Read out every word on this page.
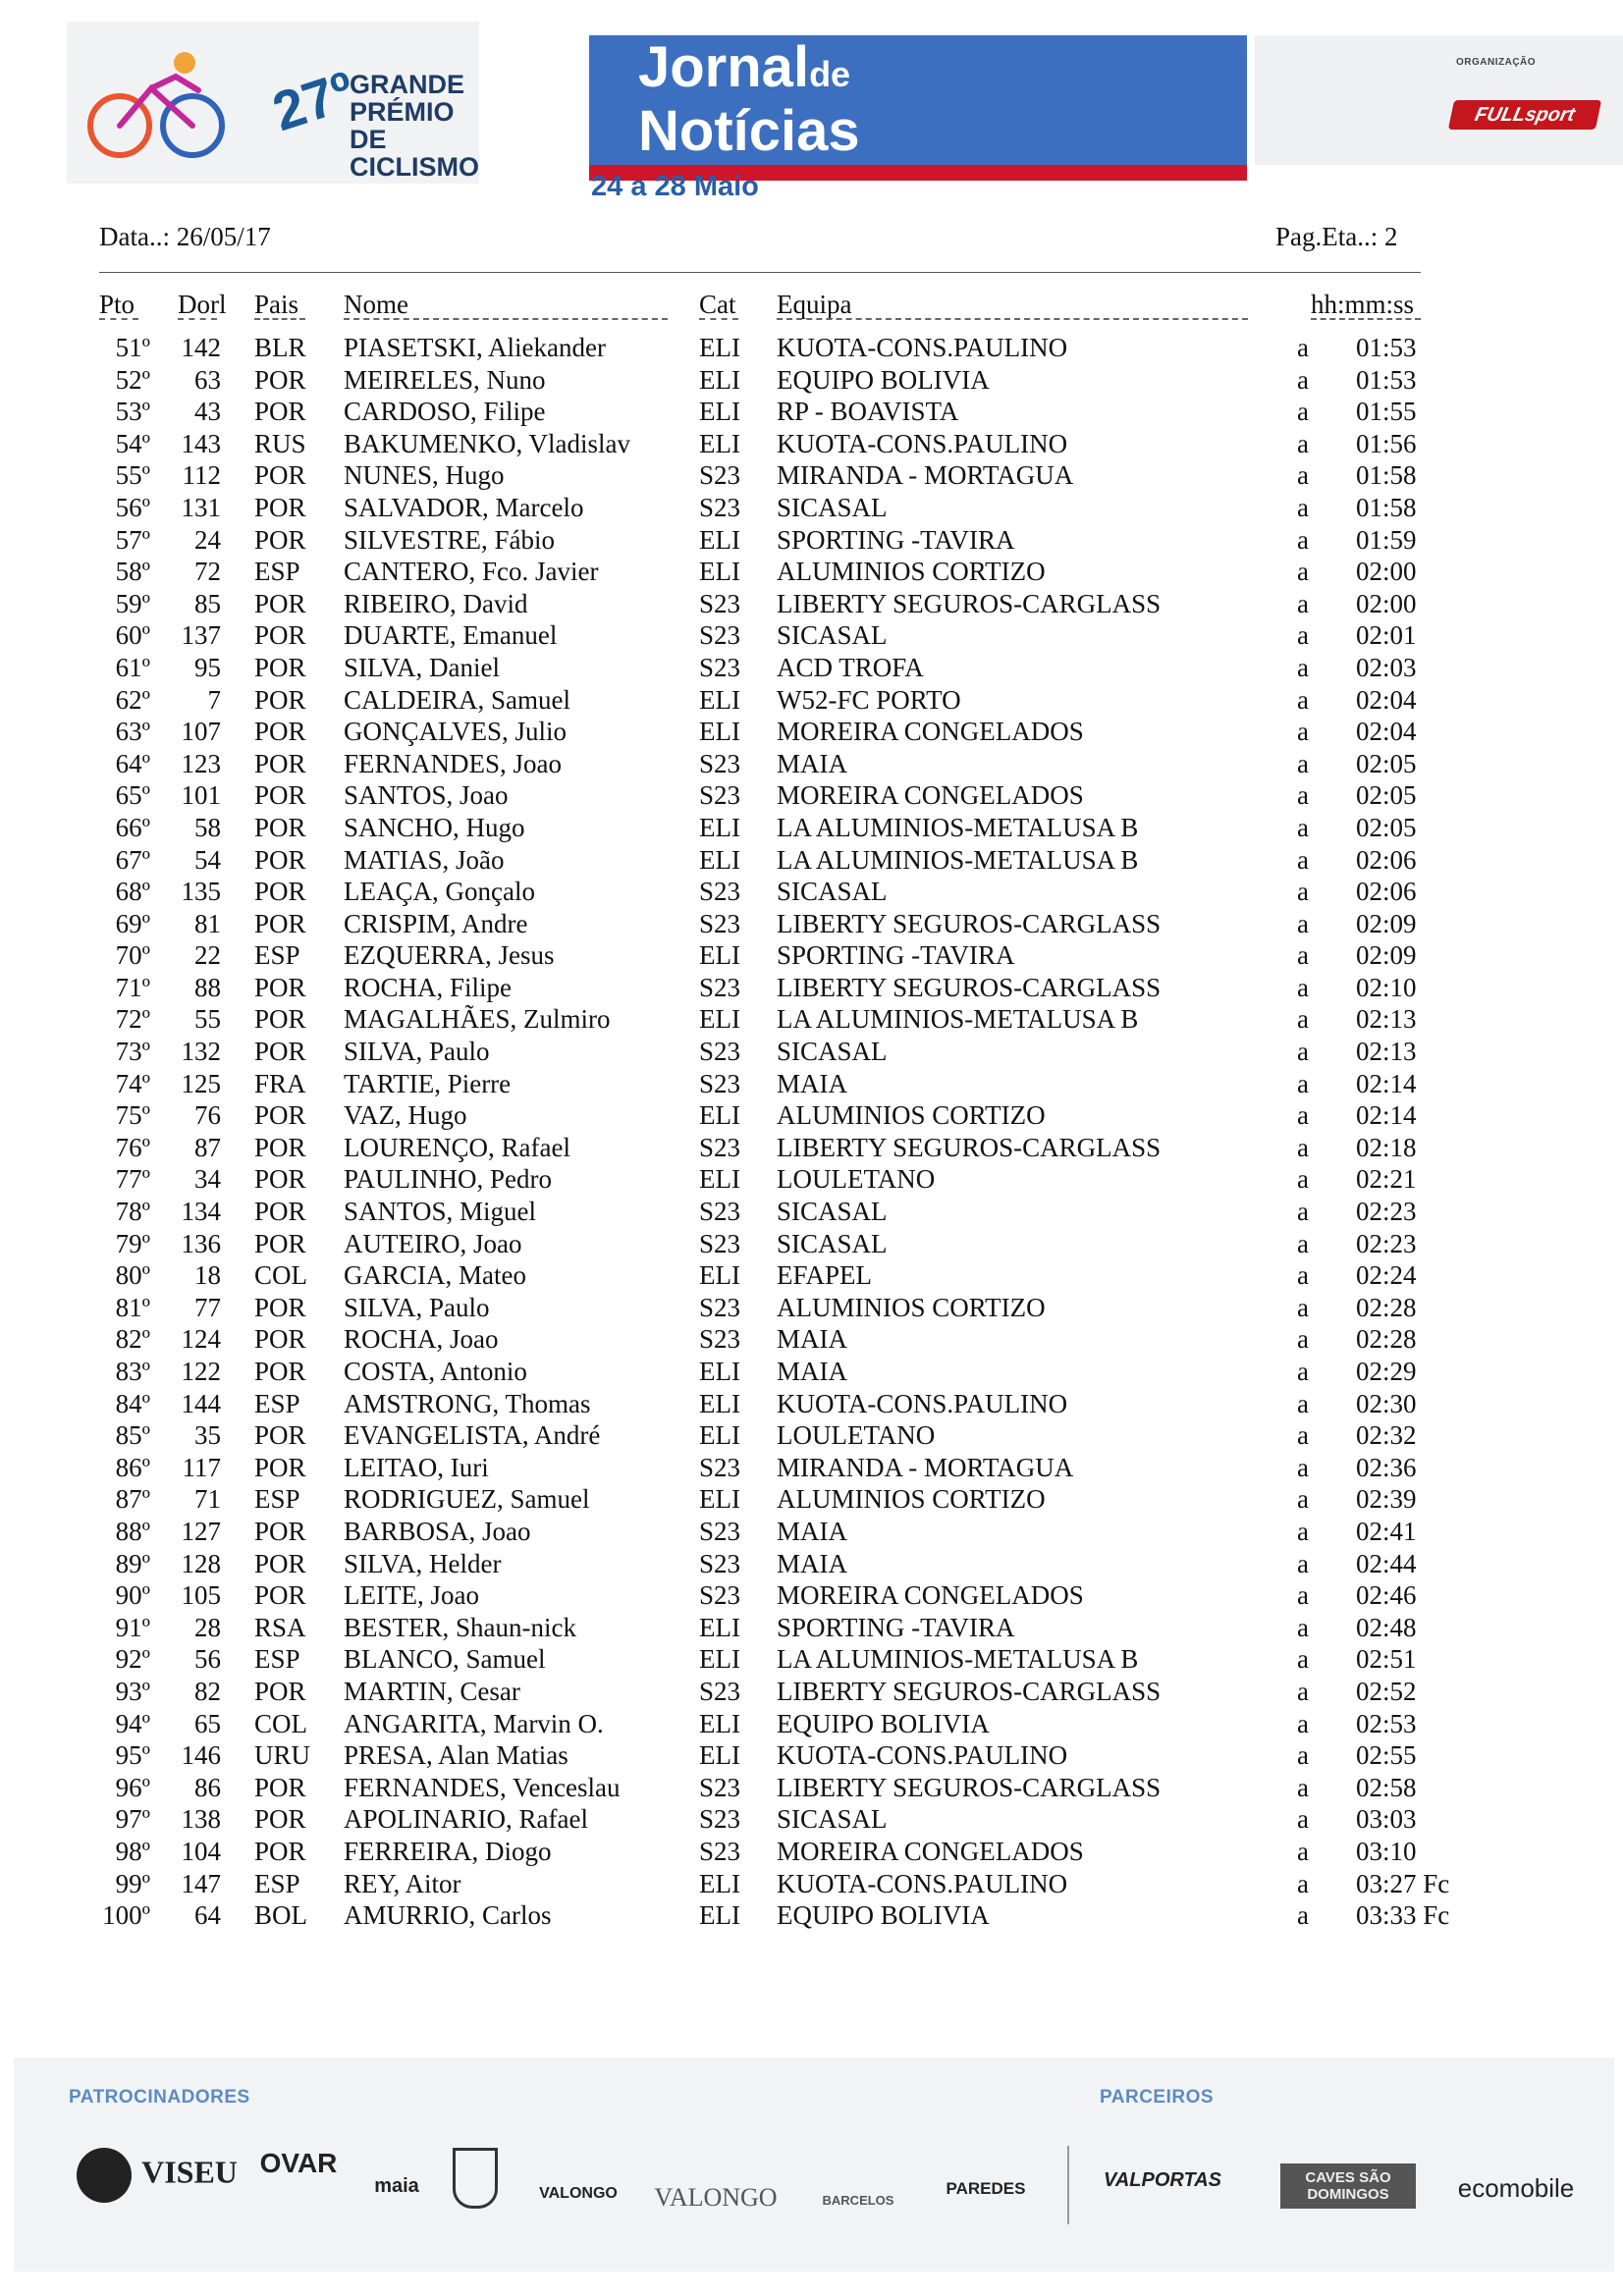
27º
GRANDE
PRÉMIO DE
CICLISMO
Jornalde
Notícias
24 a 28 Maio
ORGANIZAÇÃO
FULLsport
Data..: 26/05/17	Pag.Eta..: 2
Pto Dorl Pais Nome	Cat Equipa	hh:mm:ss
51º	142 BLR PIASETSKI, Aliekander	ELI KUOTA-CONS.PAULINO	a 01:53
52º	63 POR MEIRELES, Nuno	ELI EQUIPO BOLIVIA	a 01:53
53º	43 POR CARDOSO, Filipe	ELI RP - BOAVISTA	a 01:55
54º	143 RUS BAKUMENKO, Vladislav	ELI KUOTA-CONS.PAULINO	a 01:56
55º	112 POR NUNES, Hugo	S23 MIRANDA - MORTAGUA	a 01:58
56º	131 POR SALVADOR, Marcelo	S23 SICASAL	a 01:58
57º	24 POR SILVESTRE, Fábio	ELI SPORTING -TAVIRA	a 01:59
58º	72 ESP CANTERO, Fco. Javier	ELI ALUMINIOS CORTIZO	a 02:00
59º	85 POR RIBEIRO, David	S23 LIBERTY SEGUROS-CARGLASS	a 02:00
60º	137 POR DUARTE, Emanuel	S23 SICASAL	a 02:01
61º	95 POR SILVA, Daniel	S23 ACD TROFA	a 02:03
62º	7 POR CALDEIRA, Samuel	ELI W52-FC PORTO	a 02:04
63º	107 POR GONÇALVES, Julio	ELI MOREIRA CONGELADOS	a 02:04
64º	123 POR FERNANDES, Joao	S23 MAIA	a 02:05
65º	101 POR SANTOS, Joao	S23 MOREIRA CONGELADOS	a 02:05
66º	58 POR SANCHO, Hugo	ELI LA ALUMINIOS-METALUSA B	a 02:05
67º	54 POR MATIAS, João	ELI LA ALUMINIOS-METALUSA B	a 02:06
68º	135 POR LEAÇA, Gonçalo	S23 SICASAL	a 02:06
69º	81 POR CRISPIM, Andre	S23 LIBERTY SEGUROS-CARGLASS	a 02:09
70º	22 ESP EZQUERRA, Jesus	ELI SPORTING -TAVIRA	a 02:09
71º	88 POR ROCHA, Filipe	S23 LIBERTY SEGUROS-CARGLASS	a 02:10
72º	55 POR MAGALHÃES, Zulmiro	ELI LA ALUMINIOS-METALUSA B	a 02:13
73º	132 POR SILVA, Paulo	S23 SICASAL	a 02:13
74º	125 FRA TARTIE, Pierre	S23 MAIA	a 02:14
75º	76 POR VAZ, Hugo	ELI ALUMINIOS CORTIZO	a 02:14
76º	87 POR LOURENÇO, Rafael	S23 LIBERTY SEGUROS-CARGLASS	a 02:18
77º	34 POR PAULINHO, Pedro	ELI LOULETANO	a 02:21
78º	134 POR SANTOS, Miguel	S23 SICASAL	a 02:23
79º	136 POR AUTEIRO, Joao	S23 SICASAL	a 02:23
80º	18 COL GARCIA, Mateo	ELI EFAPEL	a 02:24
81º	77 POR SILVA, Paulo	S23 ALUMINIOS CORTIZO	a 02:28
82º	124 POR ROCHA, Joao	S23 MAIA	a 02:28
83º	122 POR COSTA, Antonio	ELI MAIA	a 02:29
84º	144 ESP AMSTRONG, Thomas	ELI KUOTA-CONS.PAULINO	a 02:30
85º	35 POR EVANGELISTA, André	ELI LOULETANO	a 02:32
86º	117 POR LEITAO, Iuri	S23 MIRANDA - MORTAGUA	a 02:36
87º	71 ESP RODRIGUEZ, Samuel	ELI ALUMINIOS CORTIZO	a 02:39
88º	127 POR BARBOSA, Joao	S23 MAIA	a 02:41
89º	128 POR SILVA, Helder	S23 MAIA	a 02:44
90º	105 POR LEITE, Joao	S23 MOREIRA CONGELADOS	a 02:46
91º	28 RSA BESTER, Shaun-nick	ELI SPORTING -TAVIRA	a 02:48
92º	56 ESP BLANCO, Samuel	ELI LA ALUMINIOS-METALUSA B	a 02:51
93º	82 POR MARTIN, Cesar	S23 LIBERTY SEGUROS-CARGLASS	a 02:52
94º	65 COL ANGARITA, Marvin O.	ELI EQUIPO BOLIVIA	a 02:53
95º	146 URU PRESA, Alan Matias	ELI KUOTA-CONS.PAULINO	a 02:55
96º	86 POR FERNANDES, Venceslau	S23 LIBERTY SEGUROS-CARGLASS	a 02:58
97º	138 POR APOLINARIO, Rafael	S23 SICASAL	a 03:03
98º	104 POR FERREIRA, Diogo	S23 MOREIRA CONGELADOS	a 03:10
99º	147 ESP REY, Aitor	ELI KUOTA-CONS.PAULINO	a 03:27 Fc
100º	64 BOL AMURRIO, Carlos	ELI EQUIPO BOLIVIA	a 03:33 Fc
PATROCINADORES	PARCEIROS
VISEU OVAR
maia	VALONGO	VALONGO	BARCELOS
PAREDES	VALPORTAS	CAVES SÃO DOMINGOS	ecomobile
